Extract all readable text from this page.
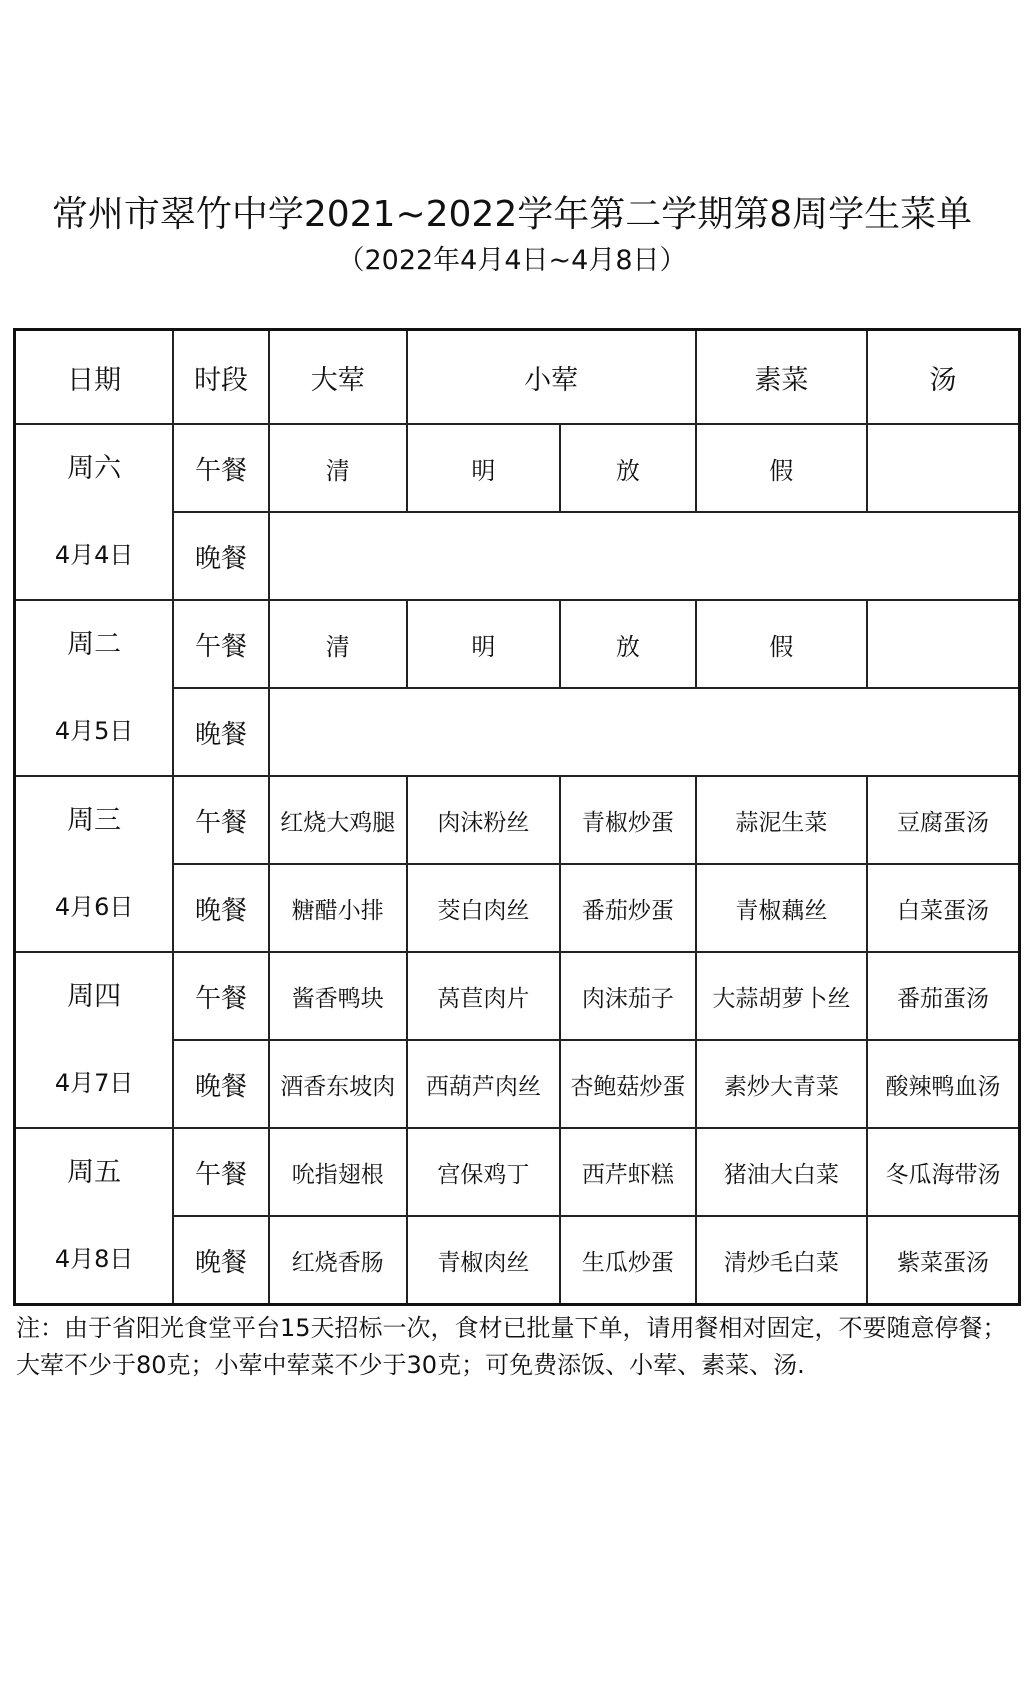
常州市翠竹中学2021~2022学年第二学期第8周学生菜单
（2022年4月4日~4月8日）
日期	时段	大荤	小荤		素菜	汤

周六
4月4日	午餐	清	明	放	假	
	晚餐					

周二
4月5日	午餐	清	明	放	假	
	晚餐					

周三
4月6日	午餐	红烧大鸡腿	肉沫粉丝	青椒炒蛋	蒜泥生菜	豆腐蛋汤
	晚餐	糖醋小排	茭白肉丝	番茄炒蛋	青椒藕丝	白菜蛋汤

周四
4月7日	午餐	酱香鸭块	莴苣肉片	肉沫茄子	大蒜胡萝卜丝	番茄蛋汤
	晚餐	酒香东坡肉	西葫芦肉丝	杏鲍菇炒蛋	素炒大青菜	酸辣鸭血汤

周五
4月8日	午餐	吮指翅根	宫保鸡丁	西芹虾糕	猪油大白菜	冬瓜海带汤
	晚餐	红烧香肠	青椒肉丝	生瓜炒蛋	清炒毛白菜	紫菜蛋汤
注：由于省阳光食堂平台15天招标一次，食材已批量下单，请用餐相对固定，不要随意停餐；大荤不少于80克；小荤中荤菜不少于30克；可免费添饭、小荤、素菜、汤.
